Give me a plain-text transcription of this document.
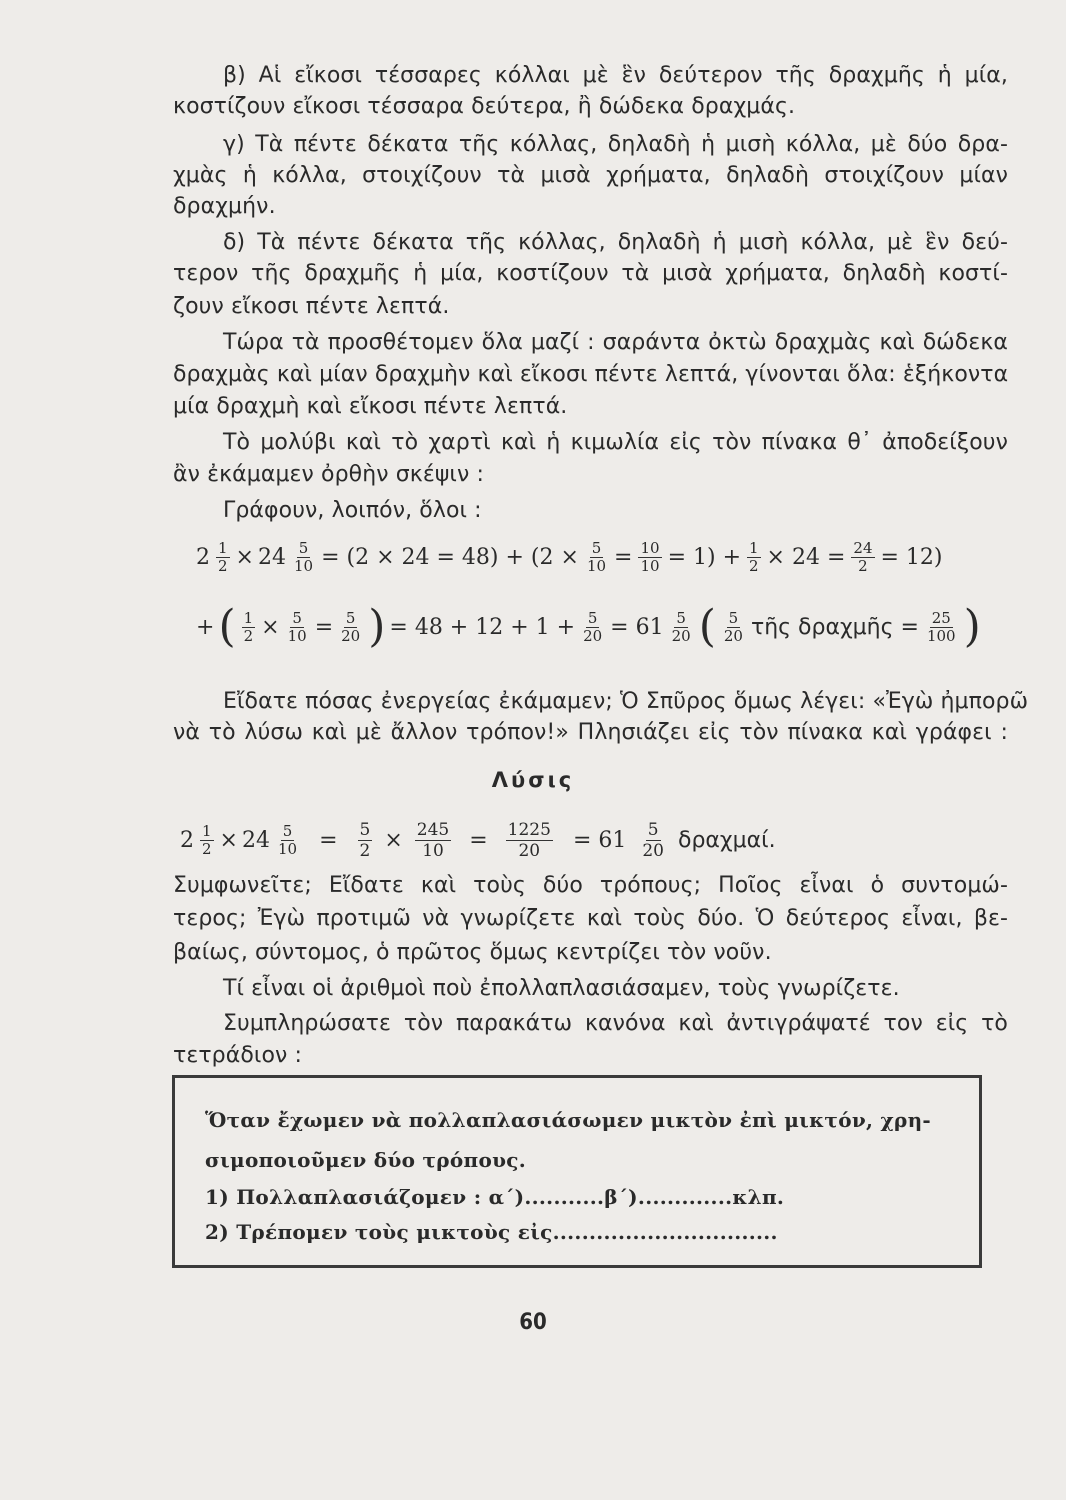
β) Αἱ εἴκοσι τέσσαρες κόλλαι μὲ ἓν δεύτερον τῆς δραχμῆς ἡ μία,
κοστίζουν εἴκοσι τέσσαρα δεύτερα, ἢ δώδεκα δραχμάς.
γ) Τὰ πέντε δέκατα τῆς κόλλας, δηλαδὴ ἡ μισὴ κόλλα, μὲ δύο δρα-
χμὰς ἡ κόλλα, στοιχίζουν τὰ μισὰ χρήματα, δηλαδὴ στοιχίζουν μίαν
δραχμήν.
δ) Τὰ πέντε δέκατα τῆς κόλλας, δηλαδὴ ἡ μισὴ κόλλα, μὲ ἓν δεύ-
τερον τῆς δραχμῆς ἡ μία, κοστίζουν τὰ μισὰ χρήματα, δηλαδὴ κοστί-
ζουν εἴκοσι πέντε λεπτά.
Τώρα τὰ προσθέτομεν ὅλα μαζί : σαράντα ὀκτὼ δραχμὰς καὶ δώδεκα
δραχμὰς καὶ μίαν δραχμὴν καὶ εἴκοσι πέντε λεπτά, γίνονται ὅλα: ἑξήκοντα
μία δραχμὴ καὶ εἴκοσι πέντε λεπτά.
Τὸ μολύβι καὶ τὸ χαρτὶ καὶ ἡ κιμωλία εἰς τὸν πίνακα θ᾽ ἀποδείξουν
ἂν ἐκάμαμεν ὀρθὴν σκέψιν :
Γράφουν, λοιπόν, ὅλοι :
$2 \frac{1}{2} \times 24 \frac{5}{10} = (2 \times 24 = 48) + (2 \times \frac{5}{10} = \frac{10}{10} = 1) + \frac{1}{2} \times 24 = \frac{24}{2} = 12$)
+ ( $\frac{1}{2} \times \frac{5}{10} = \frac{5}{20}$ ) = $48 + 12 + 1 + \frac{5}{20} = 61 \frac{5}{20}$ ( $\frac{5}{20}$ τῆς δραχμῆς = $\frac{25}{100}$ )
Εἴδατε πόσας ἐνεργείας ἐκάμαμεν; Ὁ Σπῦρος ὅμως λέγει: «Ἐγὼ ἠμπορῶ
νὰ τὸ λύσω καὶ μὲ ἄλλον τρόπον!» Πλησιάζει εἰς τὸν πίνακα καὶ γράφει :
Λύσις
$2 \frac{1}{2} \times 24 \frac{5}{10} = \frac{5}{2} \times \frac{245}{10} = \frac{1225}{20} = 61 \frac{5}{20} \delta\rho\alpha\chi\mu\alpha ί$.
Συμφωνεῖτε; Εἴδατε καὶ τοὺς δύο τρόπους; Ποῖος εἶναι ὁ συντομώ-
τερος; Ἐγὼ προτιμῶ νὰ γνωρίζετε καὶ τοὺς δύο. Ὁ δεύτερος εἶναι, βε-
βαίως, σύντομος, ὁ πρῶτος ὅμως κεντρίζει τὸν νοῦν.
Τί εἶναι οἱ ἀριθμοὶ ποὺ ἐπολλαπλασιάσαμεν, τοὺς γνωρίζετε.
Συμπληρώσατε τὸν παρακάτω κανόνα καὶ ἀντιγράψατέ τον εἰς τὸ
τετράδιον :
Ὅταν ἔχωμεν νὰ πολλαπλασιάσωμεν μικτὸν ἐπὶ μικτόν, χρη-
σιμοποιοῦμεν δύο τρόπους.
1) Πολλαπλασιάζομεν : α΄)...........β΄).............κλπ.
2) Τρέπομεν τοὺς μικτοὺς εἰς...............................
60
